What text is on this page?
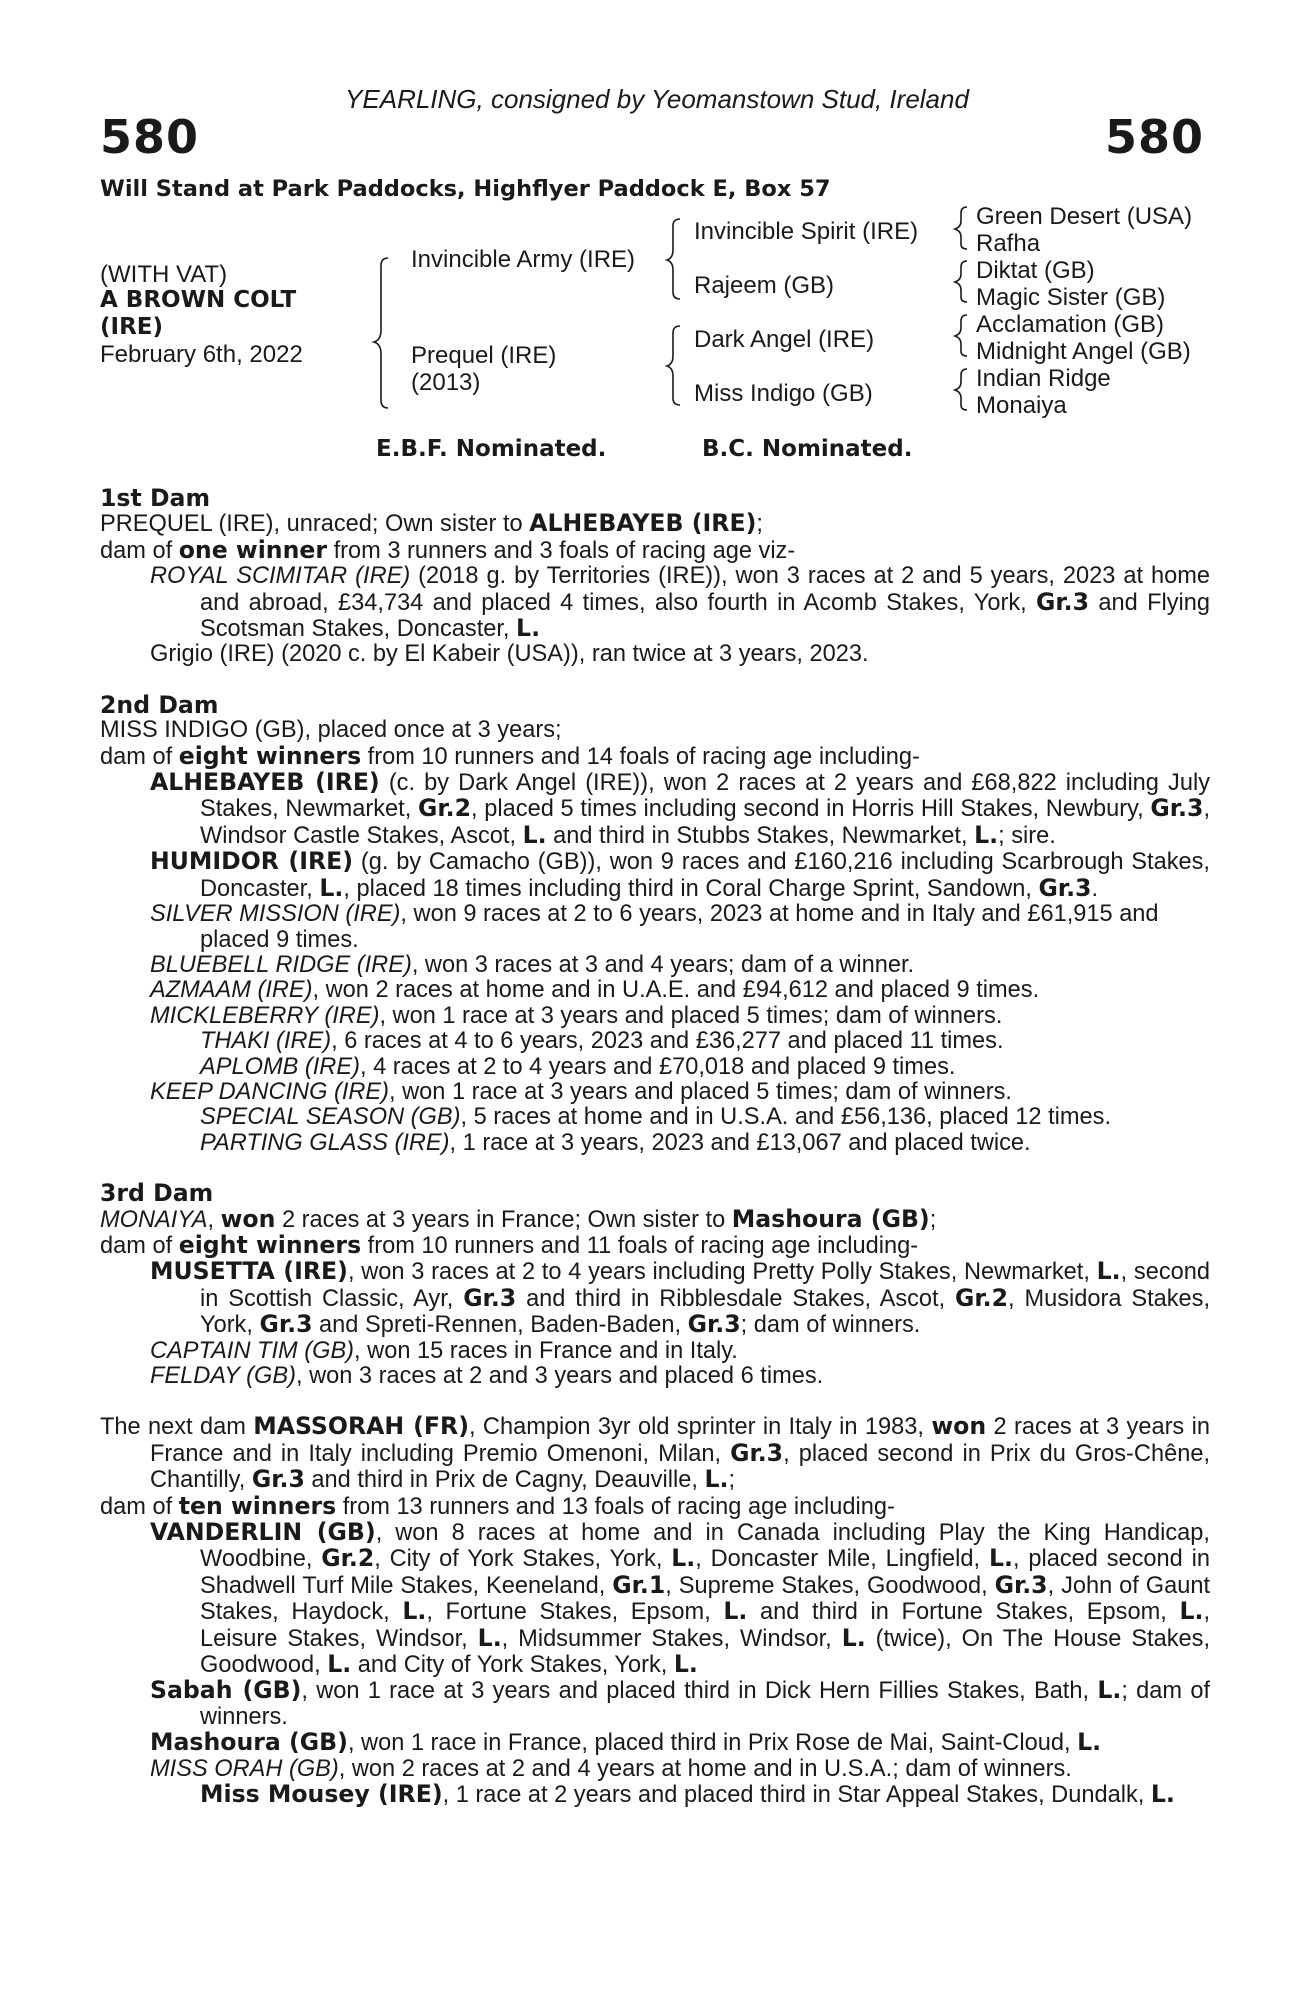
YEARLING, consigned by Yeomanstown Stud, Ireland
580	580
Will Stand at Park Paddocks, Highflyer Paddock E, Box 57
(WITH VAT)
A BROWN COLT
(IRE)
February 6th, 2022
Invincible Army (IRE)
Prequel (IRE)
(2013)
Invincible Spirit (IRE)
Rajeem (GB)
Dark Angel (IRE)
Miss Indigo (GB)
Green Desert (USA)
Rafha
Diktat (GB)
Magic Sister (GB)
Acclamation (GB)
Midnight Angel (GB)
Indian Ridge
Monaiya
E.B.F. Nominated.	B.C. Nominated.

1st Dam

PREQUEL (IRE), unraced; Own sister to ALHEBAYEB (IRE);

dam of one winner from 3 runners and 3 foals of racing age viz-

ROYAL SCIMITAR (IRE) (2018 g. by Territories (IRE)), won 3 races at 2 and 5 years, 2023 at home and abroad, £34,734 and placed 4 times, also fourth in Acomb Stakes, York, Gr.3 and Flying Scotsman Stakes, Doncaster, L.

Grigio (IRE) (2020 c. by El Kabeir (USA)), ran twice at 3 years, 2023.

2nd Dam

MISS INDIGO (GB), placed once at 3 years;

dam of eight winners from 10 runners and 14 foals of racing age including-

ALHEBAYEB (IRE) (c. by Dark Angel (IRE)), won 2 races at 2 years and £68,822 including July Stakes, Newmarket, Gr.2, placed 5 times including second in Horris Hill Stakes, Newbury, Gr.3, Windsor Castle Stakes, Ascot, L. and third in Stubbs Stakes, Newmarket, L.; sire.

HUMIDOR (IRE) (g. by Camacho (GB)), won 9 races and £160,216 including Scarbrough Stakes, Doncaster, L., placed 18 times including third in Coral Charge Sprint, Sandown, Gr.3.

SILVER MISSION (IRE), won 9 races at 2 to 6 years, 2023 at home and in Italy and £61,915 and placed 9 times.

BLUEBELL RIDGE (IRE), won 3 races at 3 and 4 years; dam of a winner.

AZMAAM (IRE), won 2 races at home and in U.A.E. and £94,612 and placed 9 times.

MICKLEBERRY (IRE), won 1 race at 3 years and placed 5 times; dam of winners.

THAKI (IRE), 6 races at 4 to 6 years, 2023 and £36,277 and placed 11 times.

APLOMB (IRE), 4 races at 2 to 4 years and £70,018 and placed 9 times.

KEEP DANCING (IRE), won 1 race at 3 years and placed 5 times; dam of winners.

SPECIAL SEASON (GB), 5 races at home and in U.S.A. and £56,136, placed 12 times.

PARTING GLASS (IRE), 1 race at 3 years, 2023 and £13,067 and placed twice.

3rd Dam

MONAIYA, won 2 races at 3 years in France; Own sister to Mashoura (GB);

dam of eight winners from 10 runners and 11 foals of racing age including-

MUSETTA (IRE), won 3 races at 2 to 4 years including Pretty Polly Stakes, Newmarket, L., second in Scottish Classic, Ayr, Gr.3 and third in Ribblesdale Stakes, Ascot, Gr.2, Musidora Stakes, York, Gr.3 and Spreti-Rennen, Baden-Baden, Gr.3; dam of winners.

CAPTAIN TIM (GB), won 15 races in France and in Italy.

FELDAY (GB), won 3 races at 2 and 3 years and placed 6 times.

The next dam MASSORAH (FR), Champion 3yr old sprinter in Italy in 1983, won 2 races at 3 years in France and in Italy including Premio Omenoni, Milan, Gr.3, placed second in Prix du Gros-Chêne, Chantilly, Gr.3 and third in Prix de Cagny, Deauville, L.;

dam of ten winners from 13 runners and 13 foals of racing age including-

VANDERLIN (GB), won 8 races at home and in Canada including Play the King Handicap, Woodbine, Gr.2, City of York Stakes, York, L., Doncaster Mile, Lingfield, L., placed second in Shadwell Turf Mile Stakes, Keeneland, Gr.1, Supreme Stakes, Goodwood, Gr.3, John of Gaunt Stakes, Haydock, L., Fortune Stakes, Epsom, L. and third in Fortune Stakes, Epsom, L., Leisure Stakes, Windsor, L., Midsummer Stakes, Windsor, L. (twice), On The House Stakes, Goodwood, L. and City of York Stakes, York, L.

Sabah (GB), won 1 race at 3 years and placed third in Dick Hern Fillies Stakes, Bath, L.; dam of winners.

Mashoura (GB), won 1 race in France, placed third in Prix Rose de Mai, Saint-Cloud, L.

MISS ORAH (GB), won 2 races at 2 and 4 years at home and in U.S.A.; dam of winners.

Miss Mousey (IRE), 1 race at 2 years and placed third in Star Appeal Stakes, Dundalk, L.
